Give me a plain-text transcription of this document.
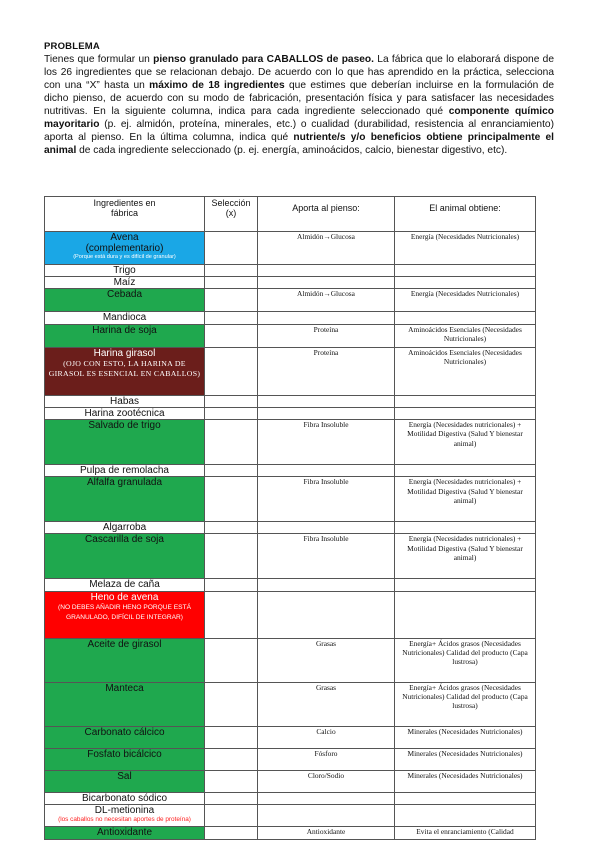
PROBLEMA
Tienes que formular un pienso granulado para CABALLOS de paseo. La fábrica que lo elaborará dispone de los 26 ingredientes que se relacionan debajo. De acuerdo con lo que has aprendido en la práctica, selecciona con una “X” hasta un máximo de 18 ingredientes que estimes que deberían incluirse en la formulación de dicho pienso, de acuerdo con su modo de fabricación, presentación física y para satisfacer las necesidades nutritivas. En la siguiente columna, indica para cada ingrediente seleccionado qué componente químico mayoritario (p. ej. almidón, proteína, minerales, etc.) o cualidad (durabilidad, resistencia al enranciamiento) aporta al pienso. En la última columna, indica qué nutriente/s y/o beneficios obtiene principalmente el animal de cada ingrediente seleccionado (p. ej. energía, aminoácidos, calcio, bienestar digestivo, etc).
Ingredientes en fábrica	Selección (x)	Aporta al pienso:	El animal obtiene:
Avena (complementario)
(Porque está dura y es difícil de granular)		Almidón→Glucosa	Energía (Necesidades Nutricionales)
Trigo			
Maíz			
Cebada		Almidón→Glucosa	Energía (Necesidades Nutricionales)
Mandioca			
Harina de soja		Proteína	Aminoácidos Esenciales (Necesidades Nutricionales)
Harina girasol
(OJO CON ESTO, LA HARINA DE GIRASOL ES ESENCIAL EN CABALLOS)		Proteína	Aminoácidos Esenciales (Necesidades Nutricionales)
Habas			
Harina zootécnica			
Salvado de trigo		Fibra Insoluble	Energía (Necesidades nutricionales) + Motilidad Digestiva (Salud Y bienestar animal)
Pulpa de remolacha			
Alfalfa granulada		Fibra Insoluble	Energía (Necesidades nutricionales) + Motilidad Digestiva (Salud Y bienestar animal)
Algarroba			
Cascarilla de soja		Fibra Insoluble	Energía (Necesidades nutricionales) + Motilidad Digestiva (Salud Y bienestar animal)
Melaza de caña			
Heno de avena
(NO DEBES AÑADIR HENO PORQUE ESTÁ GRANULADO, DIFÍCIL DE INTEGRAR)			

Aceite de girasol		Grasas	Energía+ Ácidos grasos (Necesidades Nutricionales) Calidad del producto (Capa lustrosa)
Manteca		Grasas	Energía+ Ácidos grasos (Necesidades Nutricionales) Calidad del producto (Capa lustrosa)
Carbonato cálcico		Calcio	Minerales (Necesidades Nutricionales)
Fosfato bicálcico		Fósforo	Minerales (Necesidades Nutricionales)
Sal		Cloro/Sodio	Minerales (Necesidades Nutricionales)
Bicarbonato sódico			
DL-metionina
(los caballos no necesitan aportes de proteína)			

Antioxidante		Antioxidante	Evita el enranciamiento (Calidad
